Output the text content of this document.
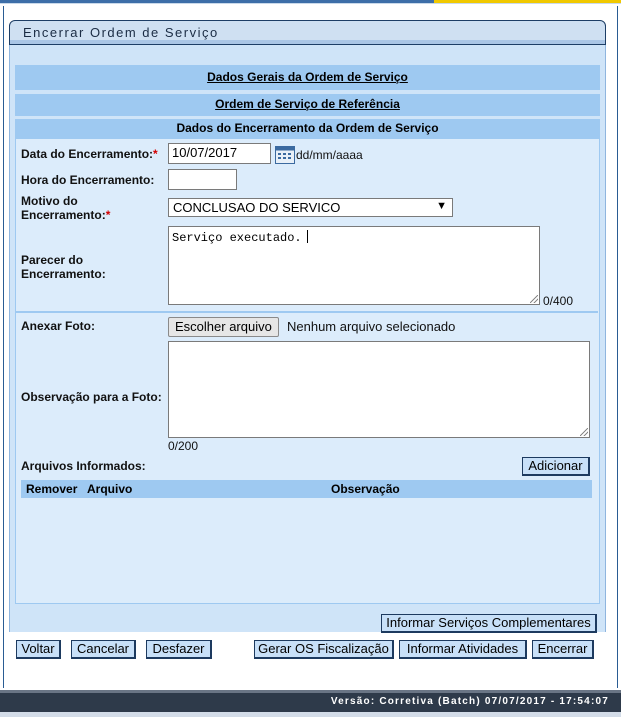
Encerrar Ordem de Serviço
Dados Gerais da Ordem de Serviço
Ordem de Serviço de Referência
Dados do Encerramento da Ordem de Serviço
Data do Encerramento:*	10/07/2017	dd/mm/aaaa
Hora do Encerramento:
Motivo do
Encerramento:*	CONCLUSAO DO SERVICO	▼
Parecer do
Encerramento:
Serviço executado.
0/400
Anexar Foto:	Escolher arquivo	Nenhum arquivo selecionado
Observação para a Foto:
0/200
Arquivos Informados:	Adicionar
Remover Arquivo	Observação
Informar Serviços Complementares
Voltar	Cancelar	Desfazer	Gerar OS Fiscalização	Informar Atividades	Encerrar
Versão: Corretiva (Batch) 07/07/2017 - 17:54:07
